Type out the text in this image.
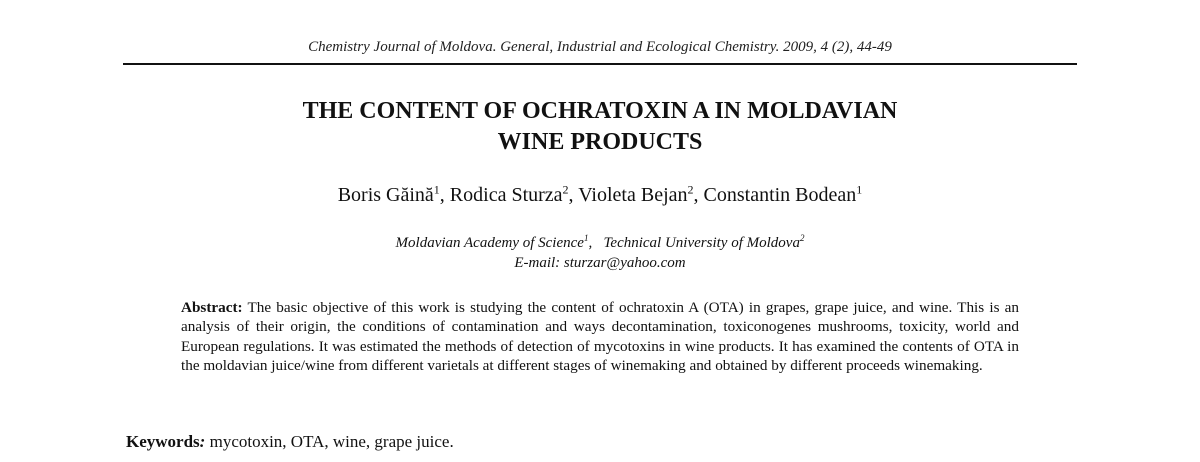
Chemistry Journal of Moldova. General, Industrial and Ecological Chemistry. 2009, 4 (2), 44-49
THE CONTENT OF OCHRATOXIN A IN MOLDAVIAN
WINE PRODUCTS
Boris Găină$^1$, Rodica Sturza$^2$, Violeta Bejan$^2$, Constantin Bodean$^1$
Moldavian Academy of Science$^1$,   Technical University of Moldova$^2$
E-mail: sturzar@yahoo.com
Abstract: The basic objective of this work is studying the content of ochratoxin A (OTA) in grapes, grape juice, and wine. This is an analysis of their origin, the conditions of contamination and ways decontamination, toxiconogenes mushrooms, toxicity, world and European regulations. It was estimated the methods of detection of mycotoxins in wine products. It has examined the contents of OTA in the moldavian juice/wine from different varietals at different stages of winemaking and obtained by different proceeds winemaking.
Keywords: mycotoxin, OTA, wine, grape juice.
